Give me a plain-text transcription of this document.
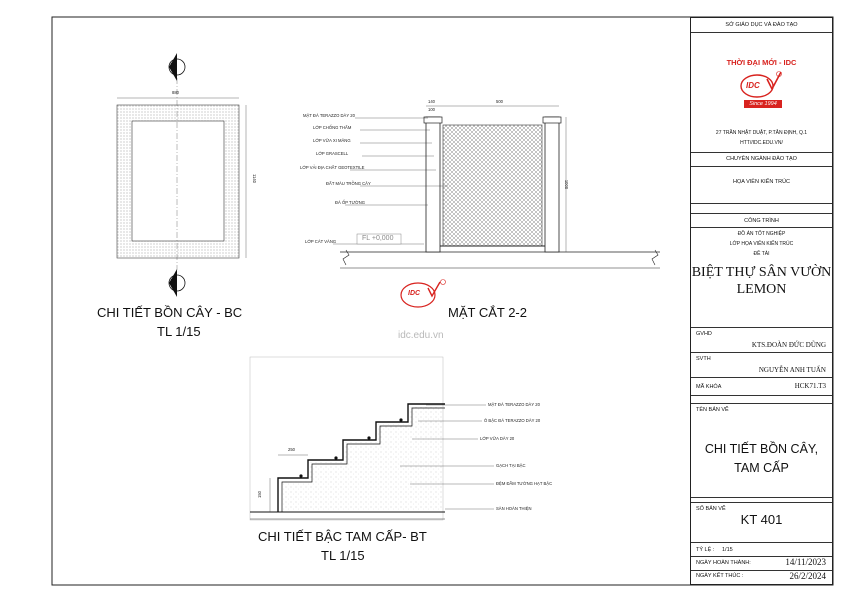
880
1140
2
2
CHI TIẾT BỒN CÂY - BC
TL 1/15
140	500
100
1000
MẶT ĐÁ TERAZZO DÀY 20
LỚP CHỐNG THẤM
LỚP VỮA XI MĂNG
LỚP GRASCELL
LỚP VẢI ĐỊA CHẤT GEOTEXTILE
ĐẤT MÀU TRỒNG CÂY
ĐÁ ỐP TƯỜNG
LỚP CÁT VÀNG	FL +0,000
IDC
MẶT CẮT 2-2
idc.edu.vn
250
150
MẶT ĐÁ TERAZZO DÀY 20
Ô BẬC ĐÁ TERAZZO DÀY 20
LỚP VỮA DÀY 20
GẠCH TẠI BẬC
ĐỆM ĐẦM TƯỜNG HẠT BẬC
SÀN HOÀN THIỆN
CHI TIẾT BẬC TAM CẤP- BT
TL 1/15
SỞ GIÁO DỤC VÀ ĐÀO TẠO
THỜI ĐẠI MỚI - IDC
IDC
Since 1994
27 TRẦN NHẬT DUẬT, P.TÂN ĐỊNH, Q.1
HTT//IDC.EDU.VN/
CHUYÊN NGÀNH ĐÀO TẠO
HỌA VIÊN KIẾN TRÚC
CÔNG TRÌNH
ĐỒ ÁN TỐT NGHIỆP
LỚP HỌA VIÊN KIẾN TRÚC
ĐỀ TÀI
BIỆT THỰ SÂN VƯỜN
LEMON
GVHD
KTS.ĐOÀN ĐỨC DŨNG
SVTH
NGUYỄN ANH TUẤN
MÃ KHÓA	HCK71.T3
TÊN BẢN VẼ
CHI TIẾT BỒN CÂY,
TAM CẤP
SỐ BẢN VẼ
KT 401
TỶ LỆ : 1/15
NGÀY HOÀN THÀNH:	14/11/2023
NGÀY KẾT THÚC :	26/2/2024
